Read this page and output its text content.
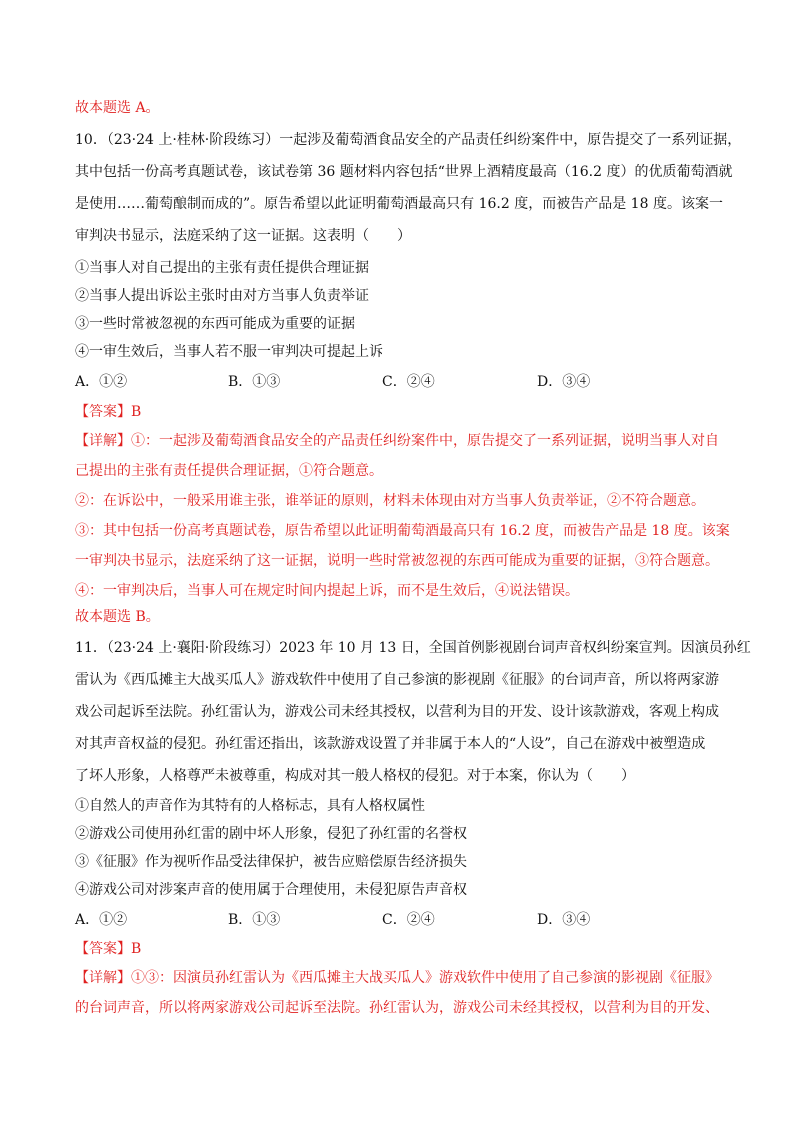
故本题选 A。
10．（23·24 上·桂林·阶段练习）一起涉及葡萄酒食品安全的产品责任纠纷案件中，原告提交了一系列证据，
其中包括一份高考真题试卷，该试卷第 36 题材料内容包括“世界上酒精度最高（16.2 度）的优质葡萄酒就
是使用……葡萄酿制而成的”。原告希望以此证明葡萄酒最高只有 16.2 度，而被告产品是 18 度。该案一
审判决书显示，法庭采纳了这一证据。这表明（　　）
①当事人对自己提出的主张有责任提供合理证据
②当事人提出诉讼主张时由对方当事人负责举证
③一些时常被忽视的东西可能成为重要的证据
④一审生效后，当事人若不服一审判决可提起上诉
A．①②	B．①③	C．②④	D．③④
【答案】B
【详解】①：一起涉及葡萄酒食品安全的产品责任纠纷案件中，原告提交了一系列证据，说明当事人对自
己提出的主张有责任提供合理证据，①符合题意。
②：在诉讼中，一般采用谁主张，谁举证的原则，材料未体现由对方当事人负责举证，②不符合题意。
③：其中包括一份高考真题试卷，原告希望以此证明葡萄酒最高只有 16.2 度，而被告产品是 18 度。该案
一审判决书显示，法庭采纳了这一证据，说明一些时常被忽视的东西可能成为重要的证据，③符合题意。
④：一审判决后，当事人可在规定时间内提起上诉，而不是生效后，④说法错误。
故本题选 B。
11．（23·24 上·襄阳·阶段练习）2023 年 10 月 13 日，全国首例影视剧台词声音权纠纷案宣判。因演员孙红
雷认为《西瓜摊主大战买瓜人》游戏软件中使用了自己参演的影视剧《征服》的台词声音，所以将两家游
戏公司起诉至法院。孙红雷认为，游戏公司未经其授权，以营利为目的开发、设计该款游戏，客观上构成
对其声音权益的侵犯。孙红雷还指出，该款游戏设置了并非属于本人的“人设”，自己在游戏中被塑造成
了坏人形象，人格尊严未被尊重，构成对其一般人格权的侵犯。对于本案，你认为（　　）
①自然人的声音作为其特有的人格标志，具有人格权属性
②游戏公司使用孙红雷的剧中坏人形象，侵犯了孙红雷的名誉权
③《征服》作为视听作品受法律保护，被告应赔偿原告经济损失
④游戏公司对涉案声音的使用属于合理使用，未侵犯原告声音权
A．①②	B．①③	C．②④	D．③④
【答案】B
【详解】①③：因演员孙红雷认为《西瓜摊主大战买瓜人》游戏软件中使用了自己参演的影视剧《征服》
的台词声音，所以将两家游戏公司起诉至法院。孙红雷认为，游戏公司未经其授权，以营利为目的开发、
